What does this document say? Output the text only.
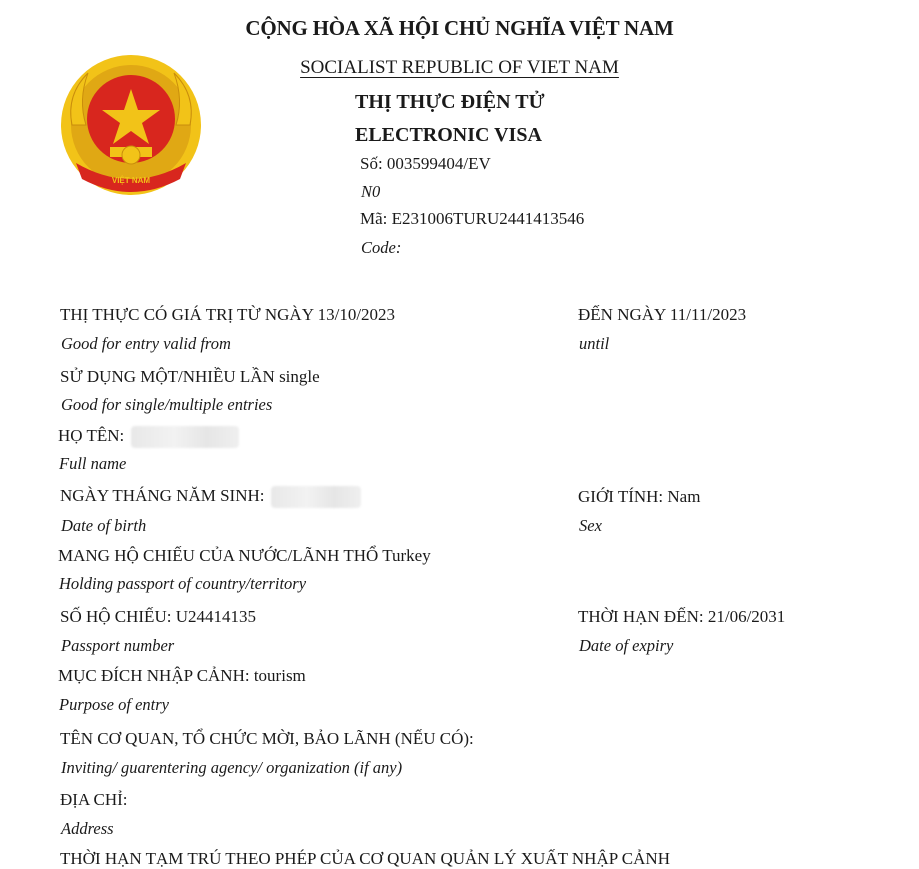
CỘNG HÒA XÃ HỘI CHỦ NGHĨA VIỆT NAM
SOCIALIST REPUBLIC OF VIET NAM
VIỆT NAM
THỊ THỰC ĐIỆN TỬ
ELECTRONIC VISA
Số: 003599404/EV
N0
Mã: E231006TURU2441413546
Code:
THỊ THỰC CÓ GIÁ TRỊ TỪ NGÀY 13/10/2023
Good for entry valid from
ĐẾN NGÀY 11/11/2023
until
SỬ DỤNG MỘT/NHIỀU LẦN single
Good for single/multiple entries
HỌ TÊN:
Full name
NGÀY THÁNG NĂM SINH:
Date of birth
GIỚI TÍNH: Nam
Sex
MANG HỘ CHIẾU CỦA NƯỚC/LÃNH THỔ Turkey
Holding passport of country/territory
SỐ HỘ CHIẾU: U24414135
Passport number
THỜI HẠN ĐẾN: 21/06/2031
Date of expiry
MỤC ĐÍCH NHẬP CẢNH: tourism
Purpose of entry
TÊN CƠ QUAN, TỔ CHỨC MỜI, BẢO LÃNH (NẾU CÓ):
Inviting/ guarentering agency/ organization (if any)
ĐỊA CHỈ:
Address
THỜI HẠN TẠM TRÚ THEO PHÉP CỦA CƠ QUAN QUẢN LÝ XUẤT NHẬP CẢNH
